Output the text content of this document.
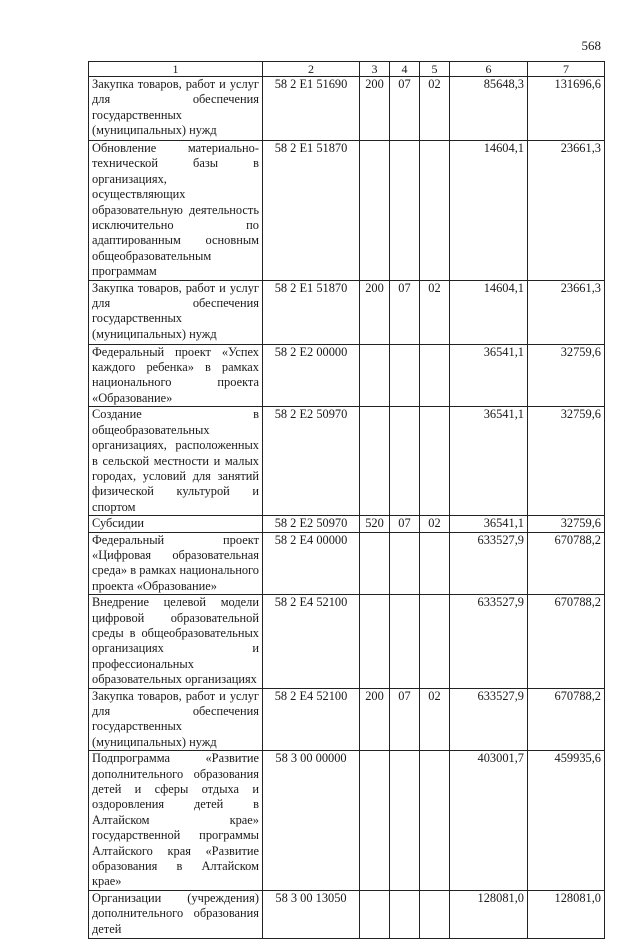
568
1	2	3	4	5	6	7
Закупка товаров, работ и услуг для обеспечения государственных (муниципальных) нужд	58 2 E1 51690	200	07	02	85648,3	131696,6
Обновление материально-технической базы в организациях, осуществляющих образовательную деятельность исключительно по адаптированным основным общеобразовательным программам	58 2 E1 51870				14604,1	23661,3
Закупка товаров, работ и услуг для обеспечения государственных (муниципальных) нужд	58 2 E1 51870	200	07	02	14604,1	23661,3
Федеральный проект «Успех каждого ребенка» в рамках национального проекта «Образование»	58 2 E2 00000				36541,1	32759,6
Создание в общеобразовательных организациях, расположенных в сельской местности и малых городах, условий для занятий физической культурой и спортом	58 2 E2 50970				36541,1	32759,6
Субсидии	58 2 E2 50970	520	07	02	36541,1	32759,6
Федеральный проект «Цифровая образовательная среда» в рамках национального проекта «Образование»	58 2 E4 00000				633527,9	670788,2
Внедрение целевой модели цифровой образовательной среды в общеобразовательных организациях и профессиональных образовательных организациях	58 2 E4 52100				633527,9	670788,2
Закупка товаров, работ и услуг для обеспечения государственных (муниципальных) нужд	58 2 E4 52100	200	07	02	633527,9	670788,2
Подпрограмма «Развитие дополнительного образования детей и сферы отдыха и оздоровления детей в Алтайском крае» государственной программы Алтайского края «Развитие образования в Алтайском крае»	58 3 00 00000				403001,7	459935,6
Организации (учреждения) дополнительного образования детей	58 3 00 13050				128081,0	128081,0
